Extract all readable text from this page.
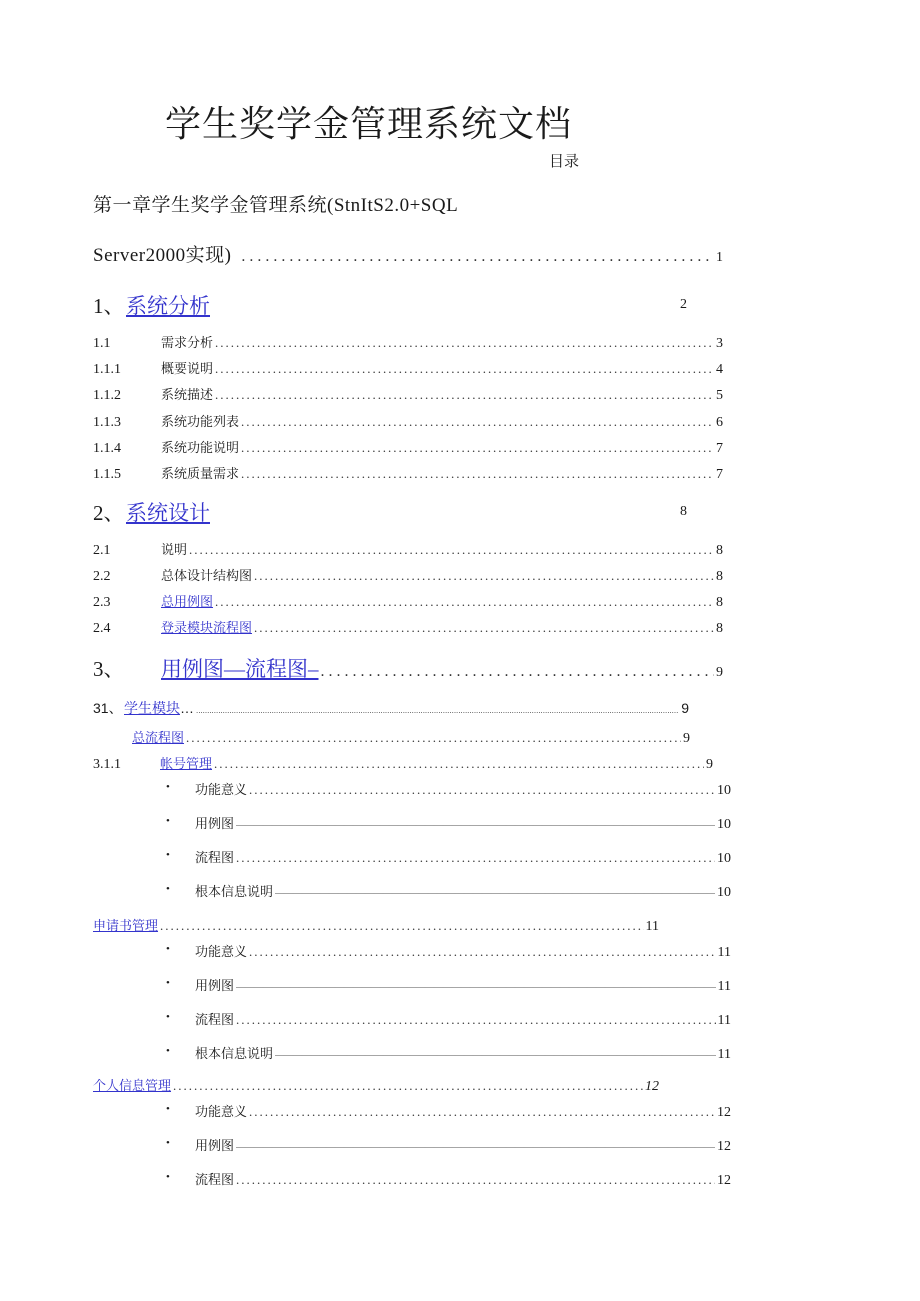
学生奖学金管理系统文档
目录
第一章学生奖学金管理系统(StnItS2.0+SQL
Server2000实现) .....	1
1、 系统分析	2
1.1	需求分析 .....	3
1.1.1	概要说明 .....	4
1.1.2	系统描述 .....	5
1.1.3	系统功能列表 .....	6
1.1.4	系统功能说明 .....	7
1.1.5	系统质量需求 .....	7
2、 系统设计	8
2.1	说明 .....	8
2.2	总体设计结构图 .....	8
2.3	总用例图 .....	8
2.4	登录模块流程图 .....	8
3、	用例图—流程图– .....	9
31、 学生模块 … .....	9
总流程图 .....	9
3.1.1	帐号管理 .....	9
• 功能意义 .....	10
• 用例图 —————	10
• 流程图 .....	10
• 根本信息说明 —————	10
申请书管理 .....	11
• 功能意义 .....	11
• 用例图 —————	11
• 流程图 .....	11
• 根本信息说明 —————	11
个人信息管理 .....	12
• 功能意义 .....	12
• 用例图 —————	12
• 流程图 .....	12
